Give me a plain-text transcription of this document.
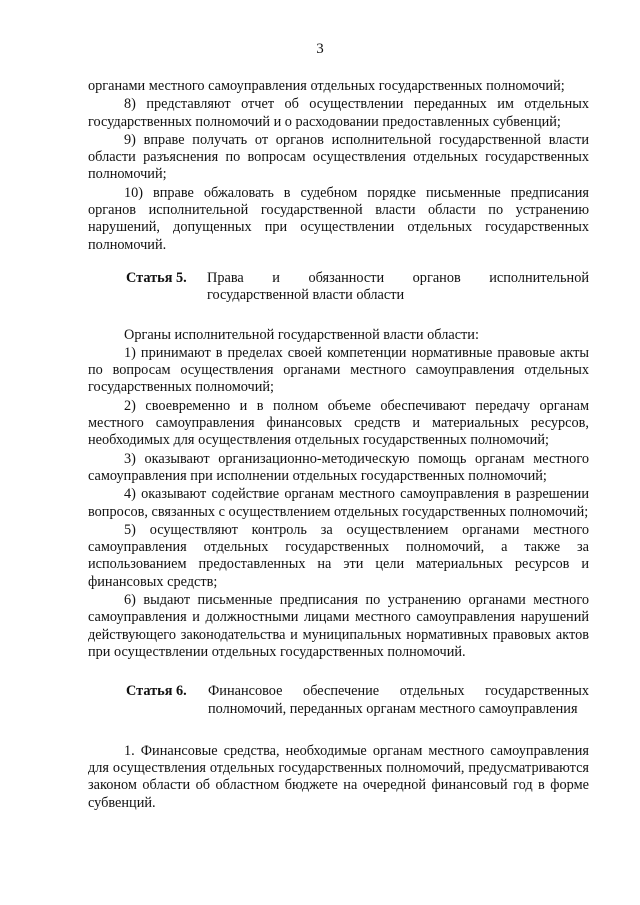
3

органами местного самоуправления отдельных государственных полномочий;

8) представляют отчет об осуществлении переданных им отдельных государственных полномочий и о расходовании предоставленных субвенций;

9) вправе получать от органов исполнительной государственной власти области разъяснения по вопросам осуществления отдельных государственных полномочий;

10) вправе обжаловать в судебном порядке письменные предписания органов исполнительной государственной власти области по устранению нарушений, допущенных при осуществлении отдельных государственных полномочий.

Статья 5.	Права и обязанности органов исполнительной государственной власти области

Органы исполнительной государственной власти области:

1) принимают в пределах своей компетенции нормативные правовые акты по вопросам осуществления органами местного самоуправления отдельных государственных полномочий;

2) своевременно и в полном объеме обеспечивают передачу органам местного самоуправления финансовых средств и материальных ресурсов, необходимых для осуществления отдельных государственных полномочий;

3) оказывают организационно-методическую помощь органам местного самоуправления при исполнении отдельных государственных полномочий;

4) оказывают содействие органам местного самоуправления в разрешении вопросов, связанных с осуществлением отдельных государственных полномочий;

5) осуществляют контроль за осуществлением органами местного самоуправления отдельных государственных полномочий, а также за использованием предоставленных на эти цели материальных ресурсов и финансовых средств;

6) выдают письменные предписания по устранению органами местного самоуправления и должностными лицами местного самоуправления нарушений действующего законодательства и муниципальных нормативных правовых актов при осуществлении отдельных государственных полномочий.

Статья 6.	Финансовое обеспечение отдельных государственных полномочий, переданных органам местного самоуправления

1. Финансовые средства, необходимые органам местного самоуправления для осуществления отдельных государственных полномочий, предусматриваются законом области об областном бюджете на очередной финансовый год в форме субвенций.
